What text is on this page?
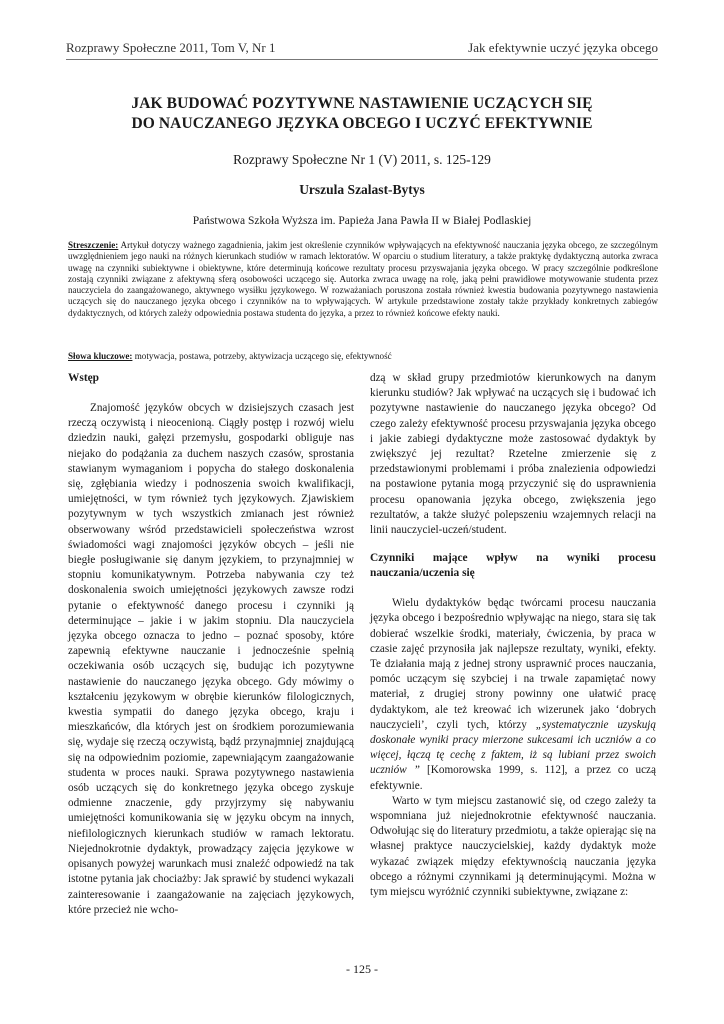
Rozprawy Społeczne 2011, Tom V, Nr 1	Jak efektywnie uczyć języka obcego
JAK BUDOWAĆ POZYTYWNE NASTAWIENIE UCZĄCYCH SIĘ
DO NAUCZANEGO JĘZYKA OBCEGO I UCZYĆ EFEKTYWNIE
Rozprawy Społeczne Nr 1 (V) 2011, s. 125-129
Urszula Szalast-Bytys
Państwowa Szkoła Wyższa im. Papieża Jana Pawła II w Białej Podlaskiej
Streszczenie: Artykuł dotyczy ważnego zagadnienia, jakim jest określenie czynników wpływających na efektywność nauczania języka obcego, ze szczególnym uwzględnieniem jego nauki na różnych kierunkach studiów w ramach lektoratów. W oparciu o studium literatury, a także praktykę dydaktyczną autorka zwraca uwagę na czynniki subiektywne i obiektywne, które determinują końcowe rezultaty procesu przyswajania języka obcego. W pracy szczególnie podkreślone zostają czynniki związane z afektywną sferą osobowości uczącego się. Autorka zwraca uwagę na rolę, jaką pełni prawidłowe motywowanie studenta przez nauczyciela do zaangażowanego, aktywnego wysiłku językowego. W rozważaniach poruszona została również kwestia budowania pozytywnego nastawienia uczących się do nauczanego języka obcego i czynników na to wpływających. W artykule przedstawione zostały także przykłady konkretnych zabiegów dydaktycznych, od których zależy odpowiednia postawa studenta do języka, a przez to również końcowe efekty nauki.
Słowa kluczowe: motywacja, postawa, potrzeby, aktywizacja uczącego się, efektywność

Wstęp

Znajomość języków obcych w dzisiejszych czasach jest rzeczą oczywistą i nieocenioną. Ciągły postęp i rozwój wielu dziedzin nauki, gałęzi przemysłu, gospodarki obliguje nas niejako do podążania za duchem naszych czasów, sprostania stawianym wymaganiom i popycha do stałego doskonalenia się, zgłębiania wiedzy i podnoszenia swoich kwalifikacji, umiejętności, w tym również tych językowych. Zjawiskiem pozytywnym w tych wszystkich zmianach jest również obserwowany wśród przedstawicieli społeczeństwa wzrost świadomości wagi znajomości języków obcych – jeśli nie biegłe posługiwanie się danym językiem, to przynajmniej w stopniu komunikatywnym. Potrzeba nabywania czy też doskonalenia swoich umiejętności językowych zawsze rodzi pytanie o efektywność danego procesu i czynniki ją determinujące – jakie i w jakim stopniu. Dla nauczyciela języka obcego oznacza to jedno – poznać sposoby, które zapewnią efektywne nauczanie i jednocześnie spełnią oczekiwania osób uczących się, budując ich pozytywne nastawienie do nauczanego języka obcego. Gdy mówimy o kształceniu językowym w obrębie kierunków filologicznych, kwestia sympatii do danego języka obcego, kraju i mieszkańców, dla których jest on środkiem porozumiewania się, wydaje się rzeczą oczywistą, bądź przynajmniej znajdującą się na odpowiednim poziomie, zapewniającym zaangażowanie studenta w proces nauki. Sprawa pozytywnego nastawienia osób uczących się do konkretnego języka obcego zyskuje odmienne znaczenie, gdy przyjrzymy się nabywaniu umiejętności komunikowania się w języku obcym na innych, niefilologicznych kierunkach studiów w ramach lektoratu. Niejednokrotnie dydaktyk, prowadzący zajęcia językowe w opisanych powyżej warunkach musi znaleźć odpowiedź na tak istotne pytania jak chociażby: Jak sprawić by studenci wykazali zainteresowanie i zaangażowanie na zajęciach językowych, które przecież nie wcho-

dzą w skład grupy przedmiotów kierunkowych na danym kierunku studiów? Jak wpływać na uczących się i budować ich pozytywne nastawienie do nauczanego języka obcego? Od czego zależy efektywność procesu przyswajania języka obcego i jakie zabiegi dydaktyczne może zastosować dydaktyk by zwiększyć jej rezultat? Rzetelne zmierzenie się z przedstawionymi problemami i próba znalezienia odpowiedzi na postawione pytania mogą przyczynić się do usprawnienia procesu opanowania języka obcego, zwiększenia jego rezultatów, a także służyć polepszeniu wzajemnych relacji na linii nauczyciel-uczeń/student.

Czynniki mające wpływ na wyniki procesu nauczania/uczenia się

Wielu dydaktyków będąc twórcami procesu nauczania języka obcego i bezpośrednio wpływając na niego, stara się tak dobierać wszelkie środki, materiały, ćwiczenia, by praca w czasie zajęć przynosiła jak najlepsze rezultaty, wyniki, efekty. Te działania mają z jednej strony usprawnić proces nauczania, pomóc uczącym się szybciej i na trwale zapamiętać nowy materiał, z drugiej strony powinny one ułatwić pracę dydaktykom, ale też kreować ich wizerunek jako ‘dobrych nauczycieli’, czyli tych, którzy „systematycznie uzyskują doskonałe wyniki pracy mierzone sukcesami ich uczniów a co więcej, łączą tę cechę z faktem, iż są lubiani przez swoich uczniów ” [Komorowska 1999, s. 112], a przez co uczą efektywnie.

Warto w tym miejscu zastanowić się, od czego zależy ta wspomniana już niejednokrotnie efektywność nauczania. Odwołując się do literatury przedmiotu, a także opierając się na własnej praktyce nauczycielskiej, każdy dydaktyk może wykazać związek między efektywnością nauczania języka obcego a różnymi czynnikami ją determinującymi. Można w tym miejscu wyróżnić czynniki subiektywne, związane z:

- 125 -
